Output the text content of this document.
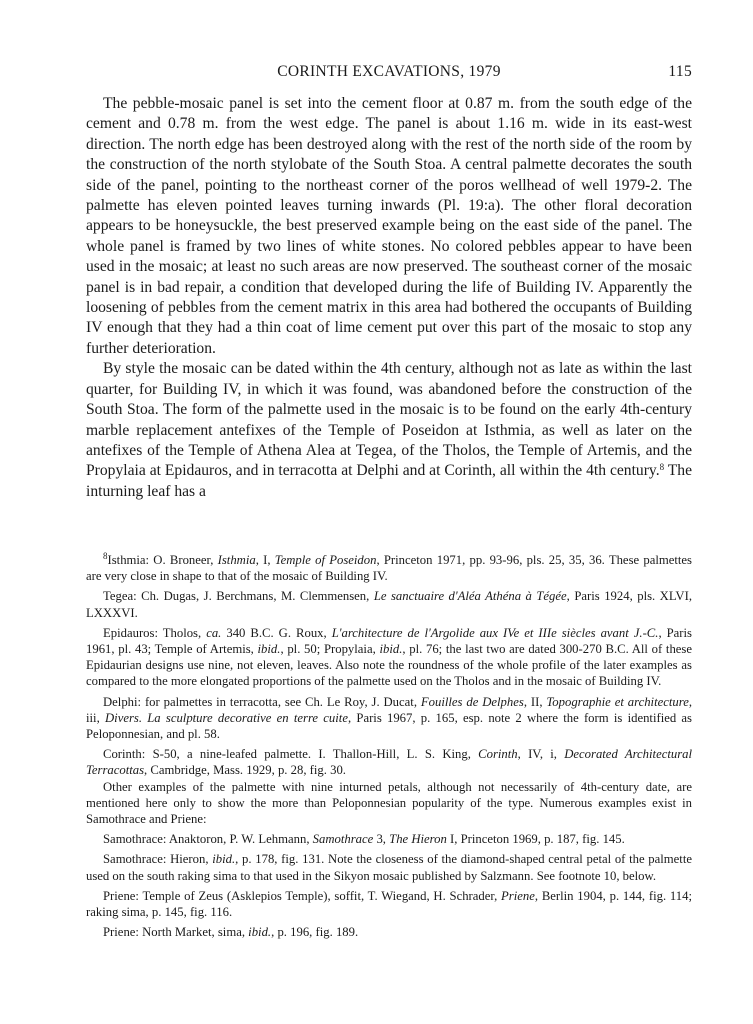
CORINTH EXCAVATIONS, 1979	115

The pebble-mosaic panel is set into the cement floor at 0.87 m. from the south edge of the cement and 0.78 m. from the west edge. The panel is about 1.16 m. wide in its east-west direction. The north edge has been destroyed along with the rest of the north side of the room by the construction of the north stylobate of the South Stoa. A central palmette decorates the south side of the panel, pointing to the northeast corner of the poros wellhead of well 1979-2. The palmette has eleven pointed leaves turning inwards (Pl. 19:a). The other floral decoration appears to be honeysuckle, the best preserved example being on the east side of the panel. The whole panel is framed by two lines of white stones. No colored pebbles appear to have been used in the mosaic; at least no such areas are now preserved. The southeast corner of the mosaic panel is in bad repair, a condition that developed during the life of Building IV. Apparently the loosening of pebbles from the cement matrix in this area had bothered the occupants of Building IV enough that they had a thin coat of lime cement put over this part of the mosaic to stop any further deterioration.

By style the mosaic can be dated within the 4th century, although not as late as within the last quarter, for Building IV, in which it was found, was abandoned before the construction of the South Stoa. The form of the palmette used in the mosaic is to be found on the early 4th-century marble replacement antefixes of the Temple of Poseidon at Isthmia, as well as later on the antefixes of the Temple of Athena Alea at Tegea, of the Tholos, the Temple of Artemis, and the Propylaia at Epidauros, and in terracotta at Delphi and at Corinth, all within the 4th century.$^8$ The inturning leaf has a

$^8$Isthmia: O. Broneer, Isthmia, I, Temple of Poseidon, Princeton 1971, pp. 93-96, pls. 25, 35, 36. These palmettes are very close in shape to that of the mosaic of Building IV.

Tegea: Ch. Dugas, J. Berchmans, M. Clemmensen, Le sanctuaire d'Aléa Athéna à Tégée, Paris 1924, pls. XLVI, LXXXVI.

Epidauros: Tholos, ca. 340 B.C. G. Roux, L'architecture de l'Argolide aux IVe et IIIe siècles avant J.-C., Paris 1961, pl. 43; Temple of Artemis, ibid., pl. 50; Propylaia, ibid., pl. 76; the last two are dated 300-270 B.C. All of these Epidaurian designs use nine, not eleven, leaves. Also note the roundness of the whole profile of the later examples as compared to the more elongated proportions of the palmette used on the Tholos and in the mosaic of Building IV.

Delphi: for palmettes in terracotta, see Ch. Le Roy, J. Ducat, Fouilles de Delphes, II, Topographie et architecture, iii, Divers. La sculpture decorative en terre cuite, Paris 1967, p. 165, esp. note 2 where the form is identified as Peloponnesian, and pl. 58.

Corinth: S-50, a nine-leafed palmette. I. Thallon-Hill, L. S. King, Corinth, IV, i, Decorated Architectural Terracottas, Cambridge, Mass. 1929, p. 28, fig. 30.

Other examples of the palmette with nine inturned petals, although not necessarily of 4th-century date, are mentioned here only to show the more than Peloponnesian popularity of the type. Numerous examples exist in Samothrace and Priene:

Samothrace: Anaktoron, P. W. Lehmann, Samothrace 3, The Hieron I, Princeton 1969, p. 187, fig. 145.

Samothrace: Hieron, ibid., p. 178, fig. 131. Note the closeness of the diamond-shaped central petal of the palmette used on the south raking sima to that used in the Sikyon mosaic published by Salzmann. See footnote 10, below.

Priene: Temple of Zeus (Asklepios Temple), soffit, T. Wiegand, H. Schrader, Priene, Berlin 1904, p. 144, fig. 114; raking sima, p. 145, fig. 116.

Priene: North Market, sima, ibid., p. 196, fig. 189.
